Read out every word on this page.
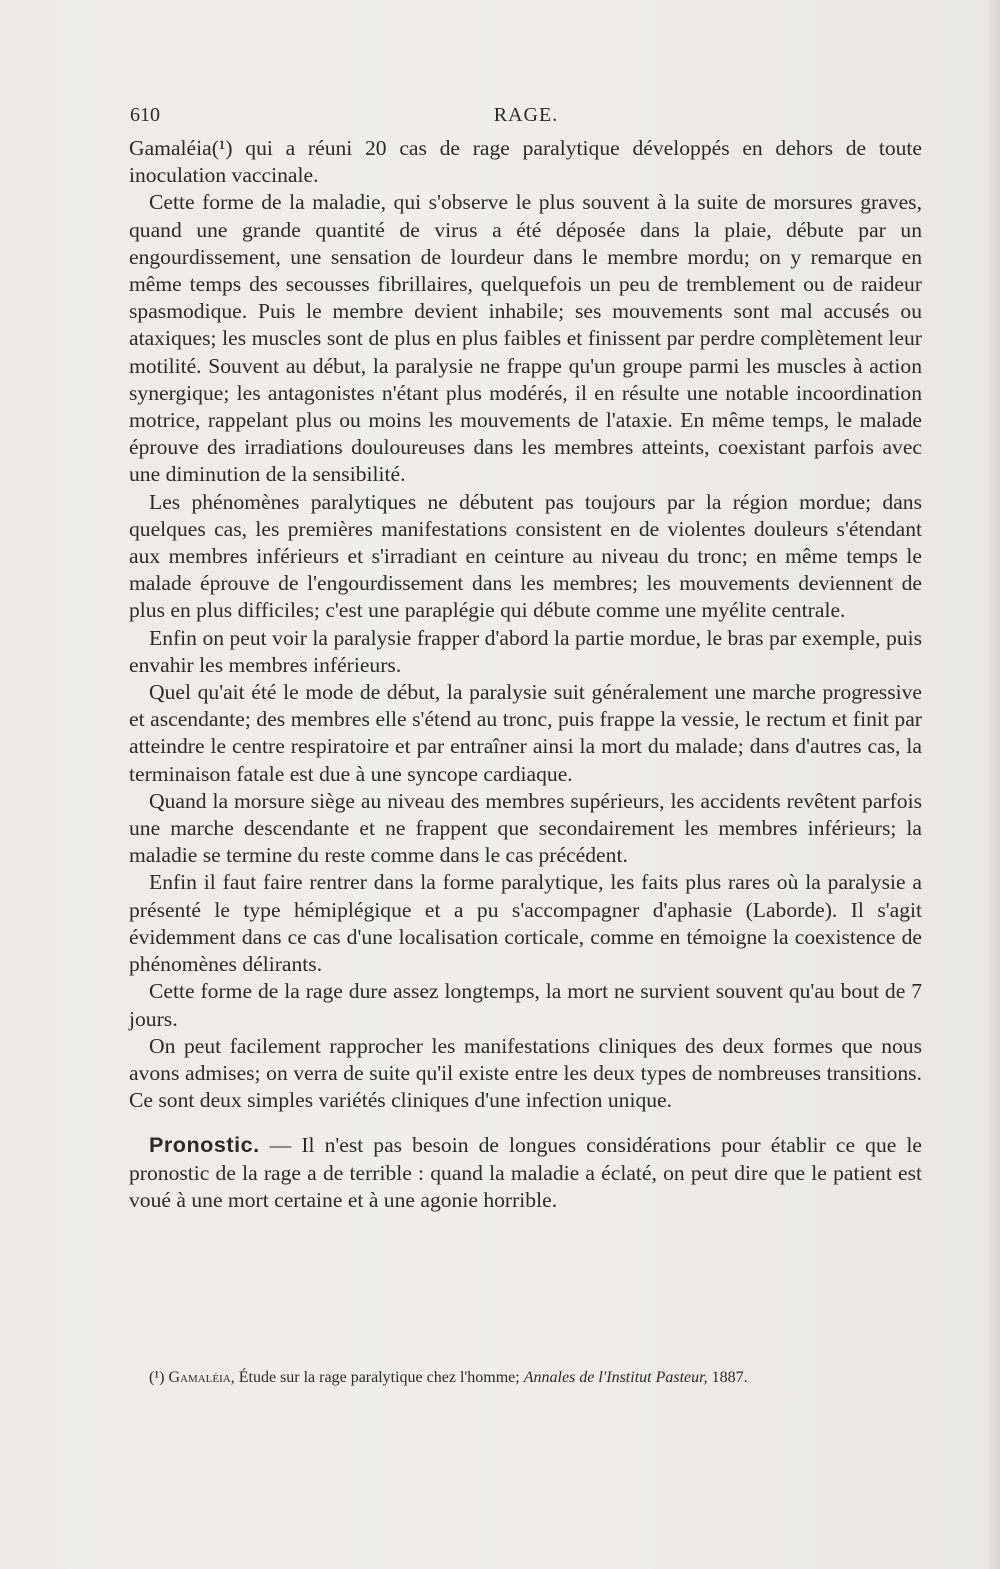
610	RAGE.

Gamaléia(¹) qui a réuni 20 cas de rage paralytique développés en dehors de toute inoculation vaccinale.

Cette forme de la maladie, qui s'observe le plus souvent à la suite de morsures graves, quand une grande quantité de virus a été déposée dans la plaie, débute par un engourdissement, une sensation de lourdeur dans le membre mordu; on y remarque en même temps des secousses fibrillaires, quelquefois un peu de tremblement ou de raideur spasmodique. Puis le membre devient inhabile; ses mouvements sont mal accusés ou ataxiques; les muscles sont de plus en plus faibles et finissent par perdre complètement leur motilité. Souvent au début, la paralysie ne frappe qu'un groupe parmi les muscles à action synergique; les antagonistes n'étant plus modérés, il en résulte une notable incoordination motrice, rappelant plus ou moins les mouvements de l'ataxie. En même temps, le malade éprouve des irradiations douloureuses dans les membres atteints, coexistant parfois avec une diminution de la sensibilité.

Les phénomènes paralytiques ne débutent pas toujours par la région mordue; dans quelques cas, les premières manifestations consistent en de violentes douleurs s'étendant aux membres inférieurs et s'irradiant en ceinture au niveau du tronc; en même temps le malade éprouve de l'engourdissement dans les membres; les mouvements deviennent de plus en plus difficiles; c'est une paraplégie qui débute comme une myélite centrale.

Enfin on peut voir la paralysie frapper d'abord la partie mordue, le bras par exemple, puis envahir les membres inférieurs.

Quel qu'ait été le mode de début, la paralysie suit généralement une marche progressive et ascendante; des membres elle s'étend au tronc, puis frappe la vessie, le rectum et finit par atteindre le centre respiratoire et par entraîner ainsi la mort du malade; dans d'autres cas, la terminaison fatale est due à une syncope cardiaque.

Quand la morsure siège au niveau des membres supérieurs, les accidents revêtent parfois une marche descendante et ne frappent que secondairement les membres inférieurs; la maladie se termine du reste comme dans le cas précédent.

Enfin il faut faire rentrer dans la forme paralytique, les faits plus rares où la paralysie a présenté le type hémiplégique et a pu s'accompagner d'aphasie (Laborde). Il s'agit évidemment dans ce cas d'une localisation corticale, comme en témoigne la coexistence de phénomènes délirants.

Cette forme de la rage dure assez longtemps, la mort ne survient souvent qu'au bout de 7 jours.

On peut facilement rapprocher les manifestations cliniques des deux formes que nous avons admises; on verra de suite qu'il existe entre les deux types de nombreuses transitions. Ce sont deux simples variétés cliniques d'une infection unique.

Pronostic. — Il n'est pas besoin de longues considérations pour établir ce que le pronostic de la rage a de terrible : quand la maladie a éclaté, on peut dire que le patient est voué à une mort certaine et à une agonie horrible.

(¹) Gamaléia, Étude sur la rage paralytique chez l'homme; Annales de l'Institut Pasteur, 1887.
